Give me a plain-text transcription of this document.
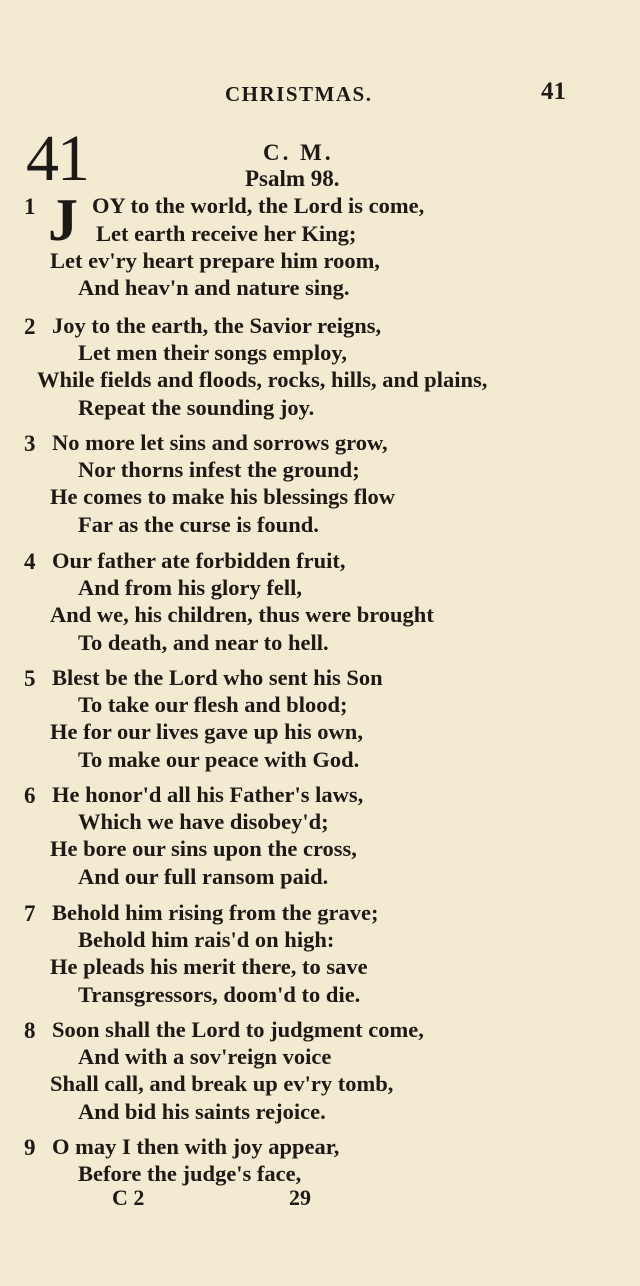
CHRISTMAS.	41
41	C. M.
Psalm 98.
1 J OY to the world, the Lord is come,
Let earth receive her King;
Let ev'ry heart prepare him room,
And heav'n and nature sing.
2 Joy to the earth, the Savior reigns,
Let men their songs employ,
While fields and floods, rocks, hills, and plains,
Repeat the sounding joy.
3 No more let sins and sorrows grow,
Nor thorns infest the ground;
He comes to make his blessings flow
Far as the curse is found.
4 Our father ate forbidden fruit,
And from his glory fell,
And we, his children, thus were brought
To death, and near to hell.
5 Blest be the Lord who sent his Son
To take our flesh and blood;
He for our lives gave up his own,
To make our peace with God.
6 He honor'd all his Father's laws,
Which we have disobey'd;
He bore our sins upon the cross,
And our full ransom paid.
7 Behold him rising from the grave;
Behold him rais'd on high:
He pleads his merit there, to save
Transgressors, doom'd to die.
8 Soon shall the Lord to judgment come,
And with a sov'reign voice
Shall call, and break up ev'ry tomb,
And bid his saints rejoice.
9 O may I then with joy appear,
Before the judge's face,
C 2	29
